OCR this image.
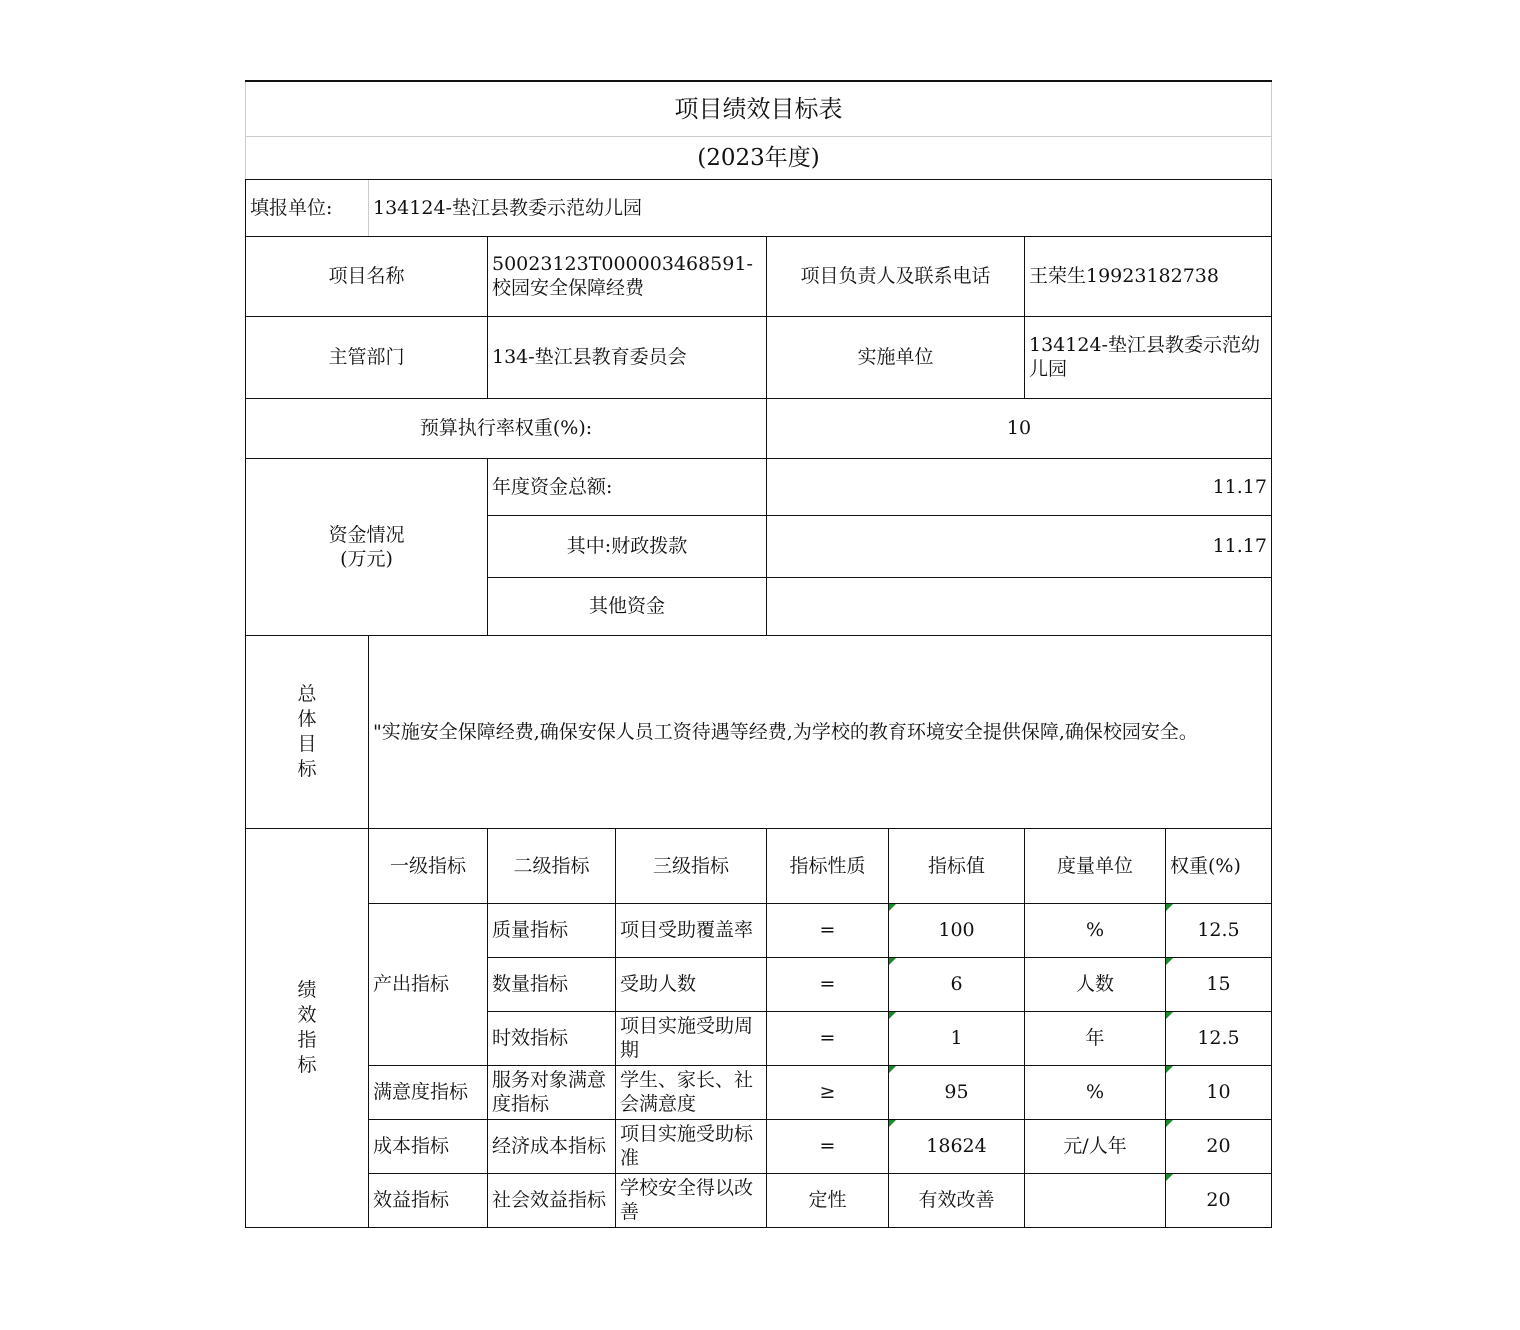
项目绩效目标表							
(2023年度)							
填报单位:	134124-垫江县教委示范幼儿园						
项目名称		50023123T000003468591-校园安全保障经费		项目负责人及联系电话		王荣生19923182738	
主管部门		134-垫江县教育委员会		实施单位		134124-垫江县教委示范幼儿园	
预算执行率权重(%):				10			
资金情况
(万元)		年度资金总额:		11.17			
		其中:财政拨款		11.17			
		其他资金					
总
体
目
标	"实施安全保障经费,确保安保人员工资待遇等经费,为学校的教育环境安全提供保障,确保校园安全。						
绩
效
指
标	一级指标	二级指标	三级指标	指标性质	指标值	度量单位	权重(%)
	产出指标	质量指标	项目受助覆盖率	=	100	%	12.5
		数量指标	受助人数	=	6	人数	15
		时效指标	项目实施受助周期	=	1	年	12.5
	满意度指标	服务对象满意度指标	学生、家长、社会满意度	≥	95	%	10
	成本指标	经济成本指标	项目实施受助标准	=	18624	元/人年	20
	效益指标	社会效益指标	学校安全得以改善	定性	有效改善		20
